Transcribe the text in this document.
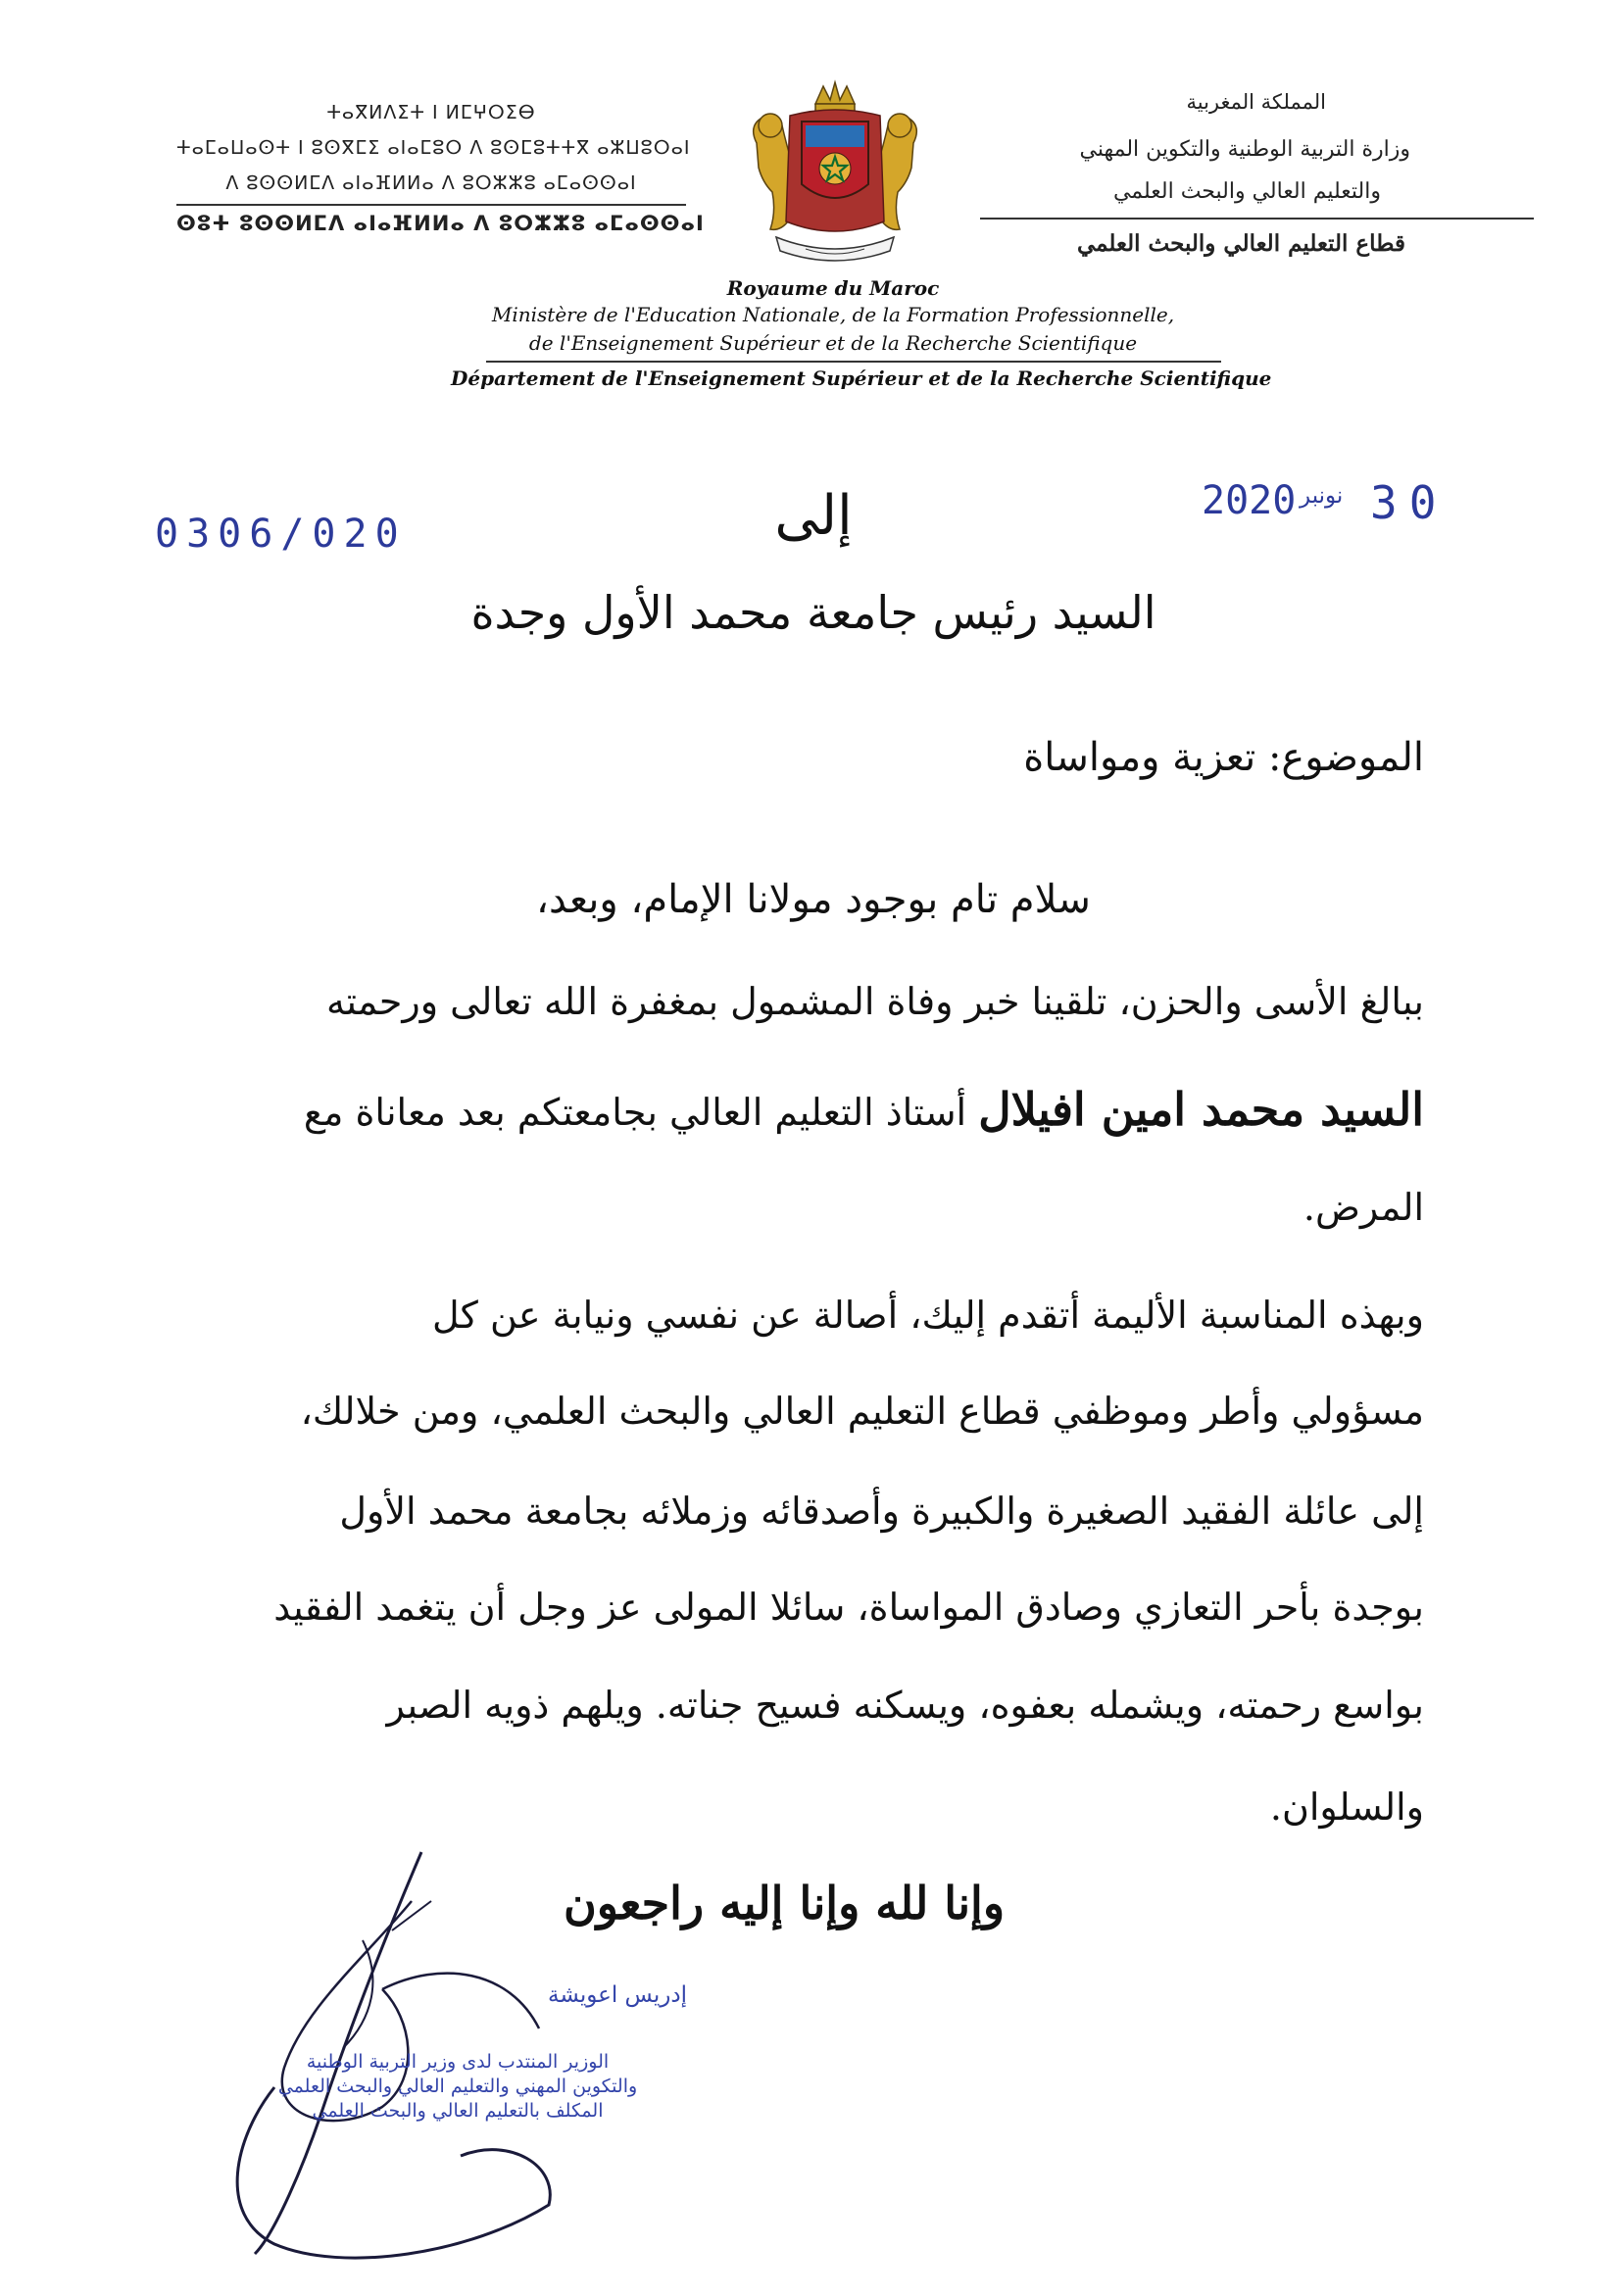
ⵜⴰⴳⵍⴷⵉⵜ ⵏ ⵍⵎⵖⵔⵉⴱ
ⵜⴰⵎⴰⵡⴰⵙⵜ ⵏ ⵓⵙⴳⵎⵉ ⴰⵏⴰⵎⵓⵔ ⴷ ⵓⵙⵎⵓⵜⵜⴳ ⴰⵣⵡⵓⵔⴰⵏ
ⴷ ⵓⵙⵙⵍⵎⴷ ⴰⵏⴰⴼⵍⵍⴰ ⴷ ⵓⵔⵣⵣⵓ ⴰⵎⴰⵙⵙⴰⵏ
ⵙⵓⵜ ⵓⵙⵙⵍⵎⴷ ⴰⵏⴰⴼⵍⵍⴰ ⴷ ⵓⵔⵣⵣⵓ ⴰⵎⴰⵙⵙⴰⵏ
المملكة المغربية
وزارة التربية الوطنية والتكوين المهني
والتعليم العالي والبحث العلمي
قطاع التعليم العالي والبحث العلمي
Royaume du Maroc
Ministère de l'Education Nationale, de la Formation Professionnelle,
de l'Enseignement Supérieur et de la Recherche Scientifique
Département de l'Enseignement Supérieur et de la Recherche Scientifique
0306/020
2020 نونبر 30
إلى
السيد رئيس جامعة محمد الأول وجدة
الموضوع: تعزية ومواساة
سلام تام بوجود مولانا الإمام، وبعد،
ببالغ الأسى والحزن، تلقينا خبر وفاة المشمول بمغفرة الله تعالى ورحمته
السيد محمد امين افيلال أستاذ التعليم العالي بجامعتكم بعد معاناة مع
المرض.
وبهذه المناسبة الأليمة أتقدم إليك، أصالة عن نفسي ونيابة عن كل
مسؤولي وأطر وموظفي قطاع التعليم العالي والبحث العلمي، ومن خلالك،
إلى عائلة الفقيد الصغيرة والكبيرة وأصدقائه وزملائه بجامعة محمد الأول
بوجدة بأحر التعازي وصادق المواساة، سائلا المولى عز وجل أن يتغمد الفقيد
بواسع رحمته، ويشمله بعفوه، ويسكنه فسيح جناته. ويلهم ذويه الصبر
والسلوان.
وإنا لله وإنا إليه راجعون
إدريس اعويشة
الوزير المنتدب لدى وزير التربية الوطنية
والتكوين المهني والتعليم العالي والبحث العلمي
المكلف بالتعليم العالي والبحث العلمي
